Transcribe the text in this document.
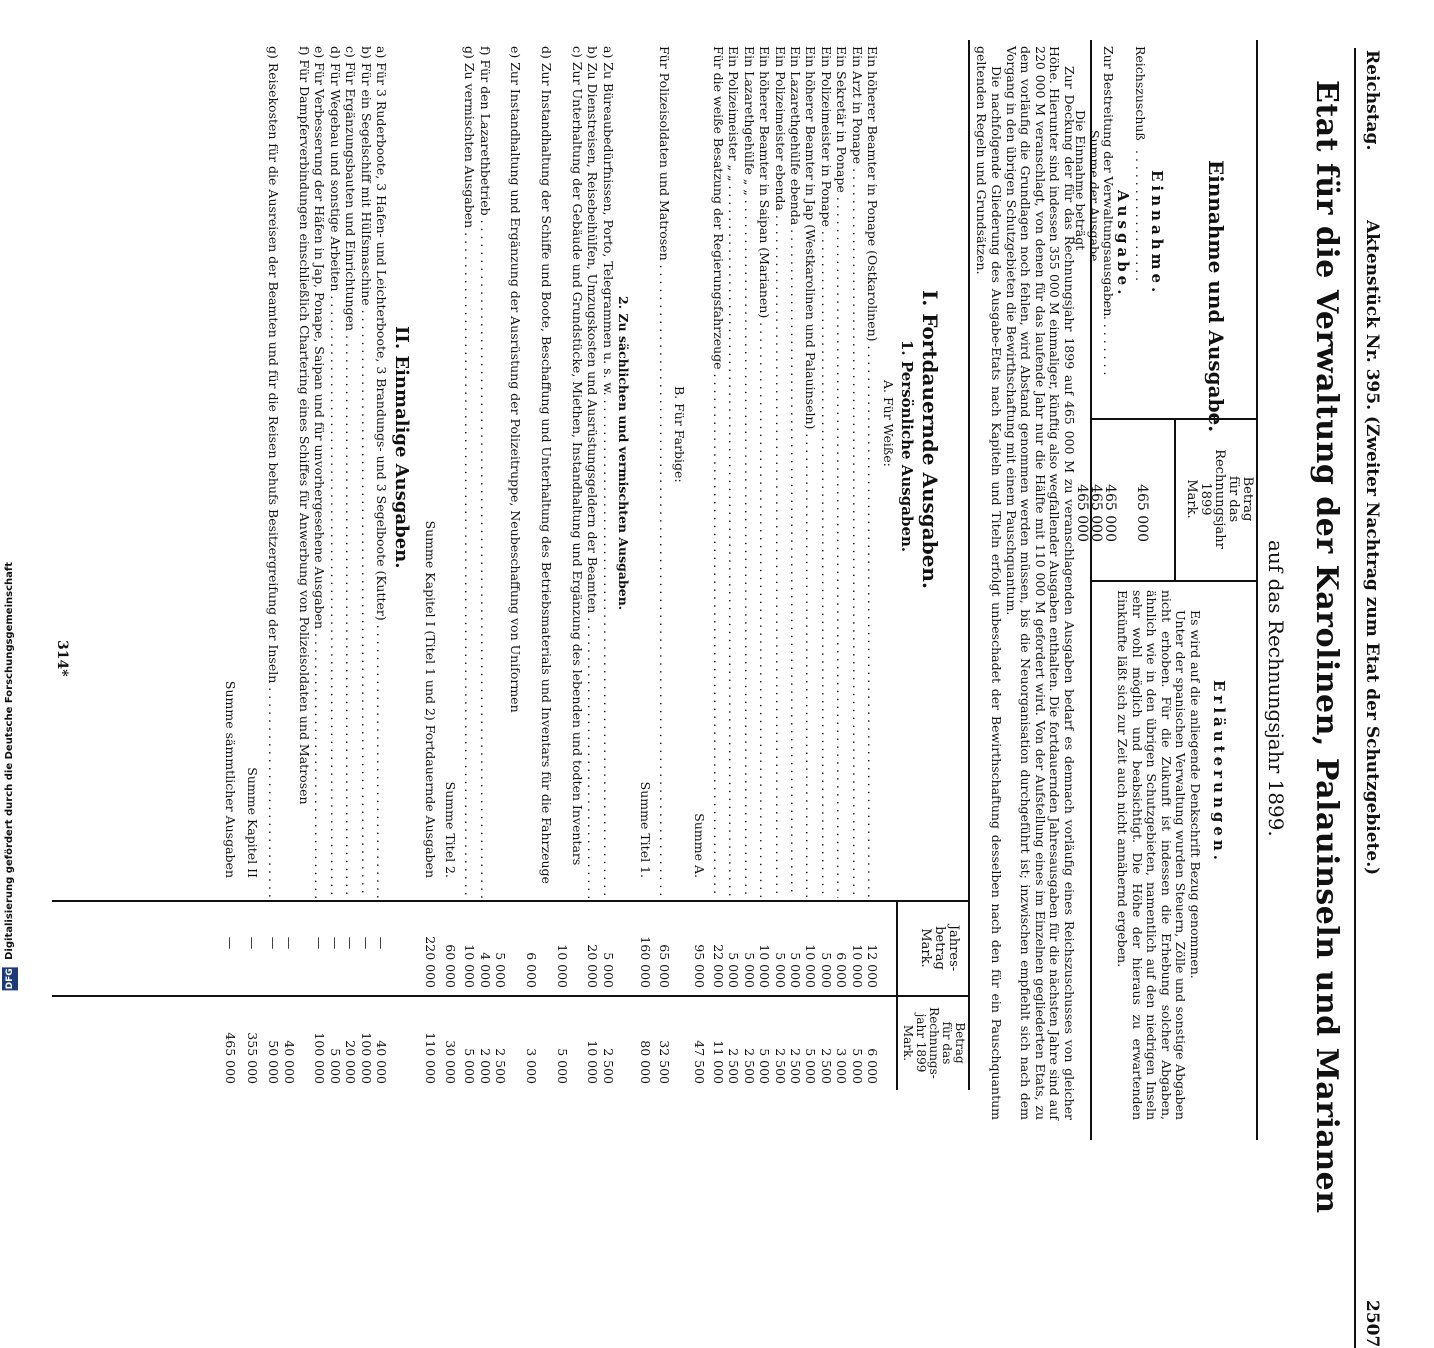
DFG Digitalisierung gefördert durch die Deutsche Forschungsgemeinschaft
Reichstag.
Aktenstück Nr. 395. (Zweiter Nachtrag zum Etat der Schutzgebiete.)
2507
Etat für die Verwaltung der Karolinen, Palauinseln und Marianen
auf das Rechnungsjahr 1899.
Einnahme und Ausgabe.
Betrag
für das
Rechnungsjahr
1899
Mark.
Erläuterungen.
Einnahme.
Reichszuschuß
. . . . . . . . . . . . . . . . .
465 000
Ausgabe.
Zur Bestreitung der Verwaltungsausgaben
. . . . . . . . . .
465 000
Summe der Ausgabe
465 000
Die Einnahme beträgt
465 000

Es wird auf die anliegende Denkschrift Bezug genommen.

Unter der spanischen Verwaltung wurden Steuern, Zölle und sonstige Abgaben nicht erhoben. Für die Zukunft ist indessen die Erhebung solcher Abgaben, ähnlich wie in den übrigen Schutzgebieten, namentlich auf den niedrigen Inseln sehr wohl möglich und beabsichtigt. Die Höhe der hieraus zu erwartenden Einkünfte läßt sich zur Zeit auch nicht annähernd ergeben.

Zur Deckung der für das Rechnungsjahr 1899 auf 465 000 M zu veranschlagenden Ausgaben bedarf es demnach vorläufig eines Reichszuschusses von gleicher Höhe. Hierunter sind indessen 355 000 M einmaliger, künftig also wegfallender Ausgaben enthalten. Die fortdauernden Jahresausgaben für die nächsten Jahre sind auf 220 000 M veranschlagt, von denen für das laufende Jahr nur die Hälfte mit 110 000 M gefordert wird. Von der Aufstellung eines im Einzelnen gegliederten Etats, zu dem vorläufig die Grundlagen noch fehlen, wird Abstand genommen werden müssen, bis die Neuorganisation durchgeführt ist; inzwischen empfiehlt sich nach dem Vorgang in den übrigen Schutzgebieten die Bewirthschaftung mit einem Pauschquantum.

Die nachfolgende Gliederung des Ausgabe-Etats nach Kapiteln und Titeln erfolgt unbeschadet der Bewirthschaftung desselben nach den für ein Pauschquantum geltenden Regeln und Grundsätzen.

Jahres-
betrag
Mark.
Betrag
für das
Rechnungs-
jahr 1899
Mark.
I. Fortdauernde Ausgaben.
1. Persönliche Ausgaben.
A. Für Weiße:
Ein höherer Beamter in Ponape (Ostkarolinen) . . .
12 000
6 000
Ein Arzt in Ponape . . .
10 000
5 000
Ein Sekretär in Ponape . . .
6 000
3 000
Ein Polizeimeister in Ponape . . .
5 000
2 500
Ein höherer Beamter in Jap (Westkarolinen und Palauinseln) . . .
10 000
5 000
Ein Lazarethgehülfe ebenda . . .
5 000
2 500
Ein Polizeimeister ebenda . . .
5 000
2 500
Ein höherer Beamter in Saipan (Marianen) . . .
10 000
5 000
Ein Lazarethgehülfe „ „ . . .
5 000
2 500
Ein Polizeimeister „ „ . . .
5 000
2 500
Für die weiße Besatzung der Regierungsfahrzeuge . . .
22 000
11 000
Summe A.
95 000
47 500
B. Für Farbige:
Für Polizeisoldaten und Matrosen . . .
65 000
32 500
Summe Titel 1.
160 000
80 000
2. Zu sächlichen und vermischten Ausgaben.
a) Zu Büreaubedürfnissen, Porto, Telegrammen u. s. w. . . .
5 000
2 500
b) Zu Dienstreisen, Reisebeihülfen, Umzugskosten und Ausrüstungsgeldern der Beamten . . .
20 000
10 000
c) Zur Unterhaltung der Gebäude und Grundstücke, Miethen, Instandhaltung und Ergänzung des lebenden und todten Inventars
10 000
5 000
d) Zur Instandhaltung der Schiffe und Boote, Beschaffung und Unterhaltung des Betriebsmaterials und Inventars für die Fahrzeuge
6 000
3 000
e) Zur Instandhaltung und Ergänzung der Ausrüstung der Polizeitruppe, Neubeschaffung von Uniformen
5 000
2 500
f) Für den Lazarethbetrieb . . .
4 000
2 000
g) Zu vermischten Ausgaben . . .
10 000
5 000
Summe Titel 2.
60 000
30 000
Summe Kapitel I (Titel 1 und 2) Fortdauernde Ausgaben
220 000
110 000
II. Einmalige Ausgaben.
a) Für 3 Ruderboote, 3 Hafen- und Leichterboote, 3 Brandungs- und 3 Segelboote (Kutter) . . .
—
40 000
b) Für ein Segelschiff mit Hülfsmaschine . . .
—
100 000
c) Für Ergänzungsbauten und Einrichtungen . . .
—
20 000
d) Für Wegebau und sonstige Arbeiten . . .
—
5 000
e) Für Verbesserung der Häfen in Jap, Ponape, Saipan und für unvorhergesehene Ausgaben . . .
—
100 000
f) Für Dampferverbindungen einschließlich Chartering eines Schiffes für Anwerbung von Polizeisoldaten und Matrosen
—
40 000
g) Reisekosten für die Ausreisen der Beamten und für die Reisen behufs Besitzergreifung der Inseln . . .
—
50 000
Summe Kapitel II
—
355 000
Summe sämmtlicher Ausgaben
—
465 000
314*
